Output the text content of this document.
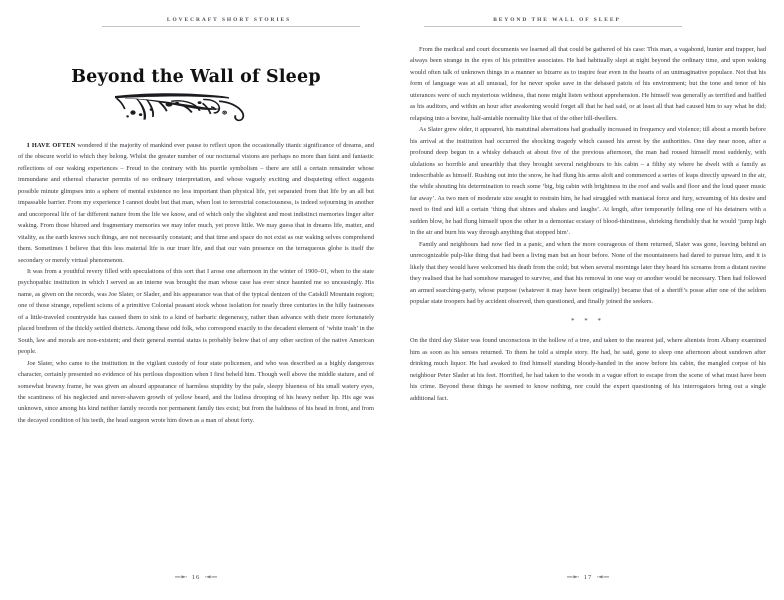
LOVECRAFT SHORT STORIES
Beyond the Wall of Sleep

I HAVE OFTEN wondered if the majority of mankind ever pause to reflect upon the occasionally titanic significance of dreams, and of the obscure world to which they belong. Whilst the greater number of our nocturnal visions are perhaps no more than faint and fantastic reflections of our waking experiences – Freud to the contrary with his puerile symbolism – there are still a certain remainder whose immundane and ethereal character permits of no ordinary interpretation, and whose vaguely exciting and disquieting effect suggests possible minute glimpses into a sphere of mental existence no less important than physical life, yet separated from that life by an all but impassable barrier. From my experience I cannot doubt but that man, when lost to terrestrial consciousness, is indeed sojourning in another and uncorporeal life of far different nature from the life we know, and of which only the slightest and most indistinct memories linger after waking. From those blurred and fragmentary memories we may infer much, yet prove little. We may guess that in dreams life, matter, and vitality, as the earth knows such things, are not necessarily constant; and that time and space do not exist as our waking selves comprehend them. Sometimes I believe that this less material life is our truer life, and that our vain presence on the terraqueous globe is itself the secondary or merely virtual phenomenon.

It was from a youthful revery filled with speculations of this sort that I arose one afternoon in the winter of 1900–01, when to the state psychopathic institution in which I served as an interne was brought the man whose case has ever since haunted me so unceasingly. His name, as given on the records, was Joe Slater, or Slader, and his appearance was that of the typical denizen of the Catskill Mountain region; one of those strange, repellent scions of a primitive Colonial peasant stock whose isolation for nearly three centuries in the hilly fastnesses of a little-traveled countryside has caused them to sink to a kind of barbaric degeneracy, rather than advance with their more fortunately placed brethren of the thickly settled districts. Among these odd folk, who correspond exactly to the decadent element of ‘white trash’ in the South, law and morals are non-existent; and their general mental status is probably below that of any other section of the native American people.

Joe Slater, who came to the institution in the vigilant custody of four state policemen, and who was described as a highly dangerous character, certainly presented no evidence of his perilous disposition when I first beheld him. Though well above the middle stature, and of somewhat brawny frame, he was given an absurd appearance of harmless stupidity by the pale, sleepy blueness of his small watery eyes, the scantiness of his neglected and never-shaven growth of yellow beard, and the listless drooping of his heavy nether lip. His age was unknown, since among his kind neither family records nor permanent family ties exist; but from the baldness of his head in front, and from the decayed condition of his teeth, the head surgeon wrote him down as a man of about forty.

16
BEYOND THE WALL OF SLEEP

From the medical and court documents we learned all that could be gathered of his case: This man, a vagabond, hunter and trapper, had always been strange in the eyes of his primitive associates. He had habitually slept at night beyond the ordinary time, and upon waking would often talk of unknown things in a manner so bizarre as to inspire fear even in the hearts of an unimaginative populace. Not that his form of language was at all unusual, for he never spoke save in the debased patois of his environment; but the tone and tenor of his utterances were of such mysterious wildness, that none might listen without apprehension. He himself was generally as terrified and baffled as his auditors, and within an hour after awakening would forget all that he had said, or at least all that had caused him to say what he did; relapsing into a bovine, half-amiable normality like that of the other hill-dwellers.

As Slater grew older, it appeared, his matutinal aberrations had gradually increased in frequency and violence; till about a month before his arrival at the institution had occurred the shocking tragedy which caused his arrest by the authorities. One day near noon, after a profound deep begun in a whisky debauch at about five of the previous afternoon, the man had roused himself most suddenly, with ululations so horrible and unearthly that they brought several neighbours to his cabin – a filthy sty where he dwelt with a family as indescribable as himself. Rushing out into the snow, he had flung his arms aloft and commenced a series of leaps directly upward in the air, the while shouting his determination to reach some ‘big, big cabin with brightness in the roof and walls and floor and the loud queer music far away’. As two men of moderate size sought to restrain him, he had struggled with maniacal force and fury, screaming of his desire and need to find and kill a certain ‘thing that shines and shakes and laughs’. At length, after temporarily felling one of his detainers with a sudden blow, he had flung himself upon the other in a demoniac ecstasy of blood-thirstiness, shrieking fiendishly that he would ‘jump high in the air and burn his way through anything that stopped him’.

Family and neighbours had now fled in a panic, and when the more courageous of them returned, Slater was gone, leaving behind an unrecognizable pulp-like thing that had been a living man but an hour before. None of the mountaineers had dared to pursue him, and it is likely that they would have welcomed his death from the cold; but when several mornings later they heard his screams from a distant ravine they realised that he had somehow managed to survive, and that his removal in one way or another would be necessary. Then had followed an armed searching-party, whose purpose (whatever it may have been originally) became that of a sheriff’s posse after one of the seldom popular state troopers had by accident observed, then questioned, and finally joined the seekers.

* * *

On the third day Slater was found unconscious in the hollow of a tree, and taken to the nearest jail, where alienists from Albany examined him as soon as his senses returned. To them he told a simple story. He had, he said, gone to sleep one afternoon about sundown after drinking much liquor. He had awaked to find himself standing bloody-handed in the snow before his cabin, the mangled corpse of his neighbour Peter Slader at his feet. Horrified, he had taken to the woods in a vague effort to escape from the scene of what must have been his crime. Beyond these things he seemed to know nothing, nor could the expert questioning of his interrogators bring out a single additional fact.

17
